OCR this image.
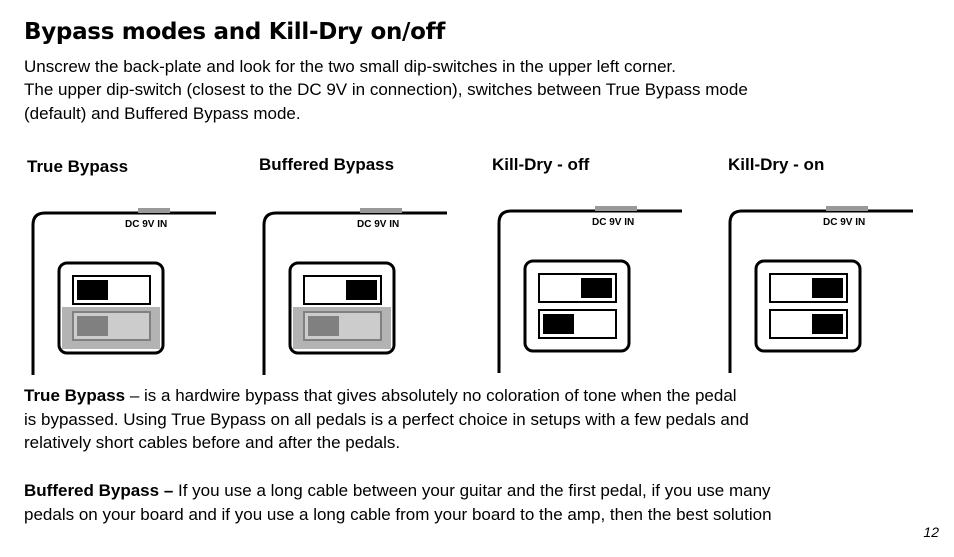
Bypass modes and Kill-Dry on/off

Unscrew the back-plate and look for the two small dip-switches in the upper left corner.
The upper dip-switch (closest to the DC 9V in connection), switches between True Bypass mode
(default) and Buffered Bypass mode.

True Bypass	Buffered Bypass	Kill-Dry - off	Kill-Dry - on
DC 9V IN	DC 9V IN	DC 9V IN	DC 9V IN

True Bypass – is a hardwire bypass that gives absolutely no coloration of tone when the pedal
is bypassed. Using True Bypass on all pedals is a perfect choice in setups with a few pedals and
relatively short cables before and after the pedals.

Buffered Bypass – If you use a long cable between your guitar and the first pedal, if you use many
pedals on your board and if you use a long cable from your board to the amp, then the best solution

12
